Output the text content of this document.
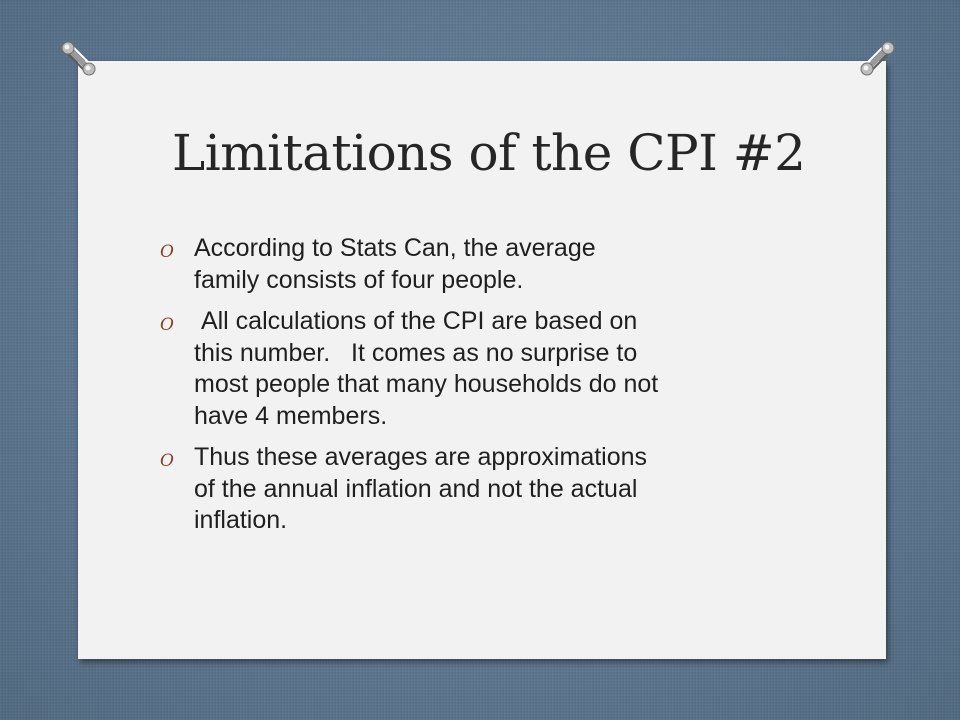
Limitations of the CPI #2
O According to Stats Can, the average
family consists of four people.
O All calculations of the CPI are based on
this number.   It comes as no surprise to
most people that many households do not
have 4 members.
O Thus these averages are approximations
of the annual inflation and not the actual
inflation.
